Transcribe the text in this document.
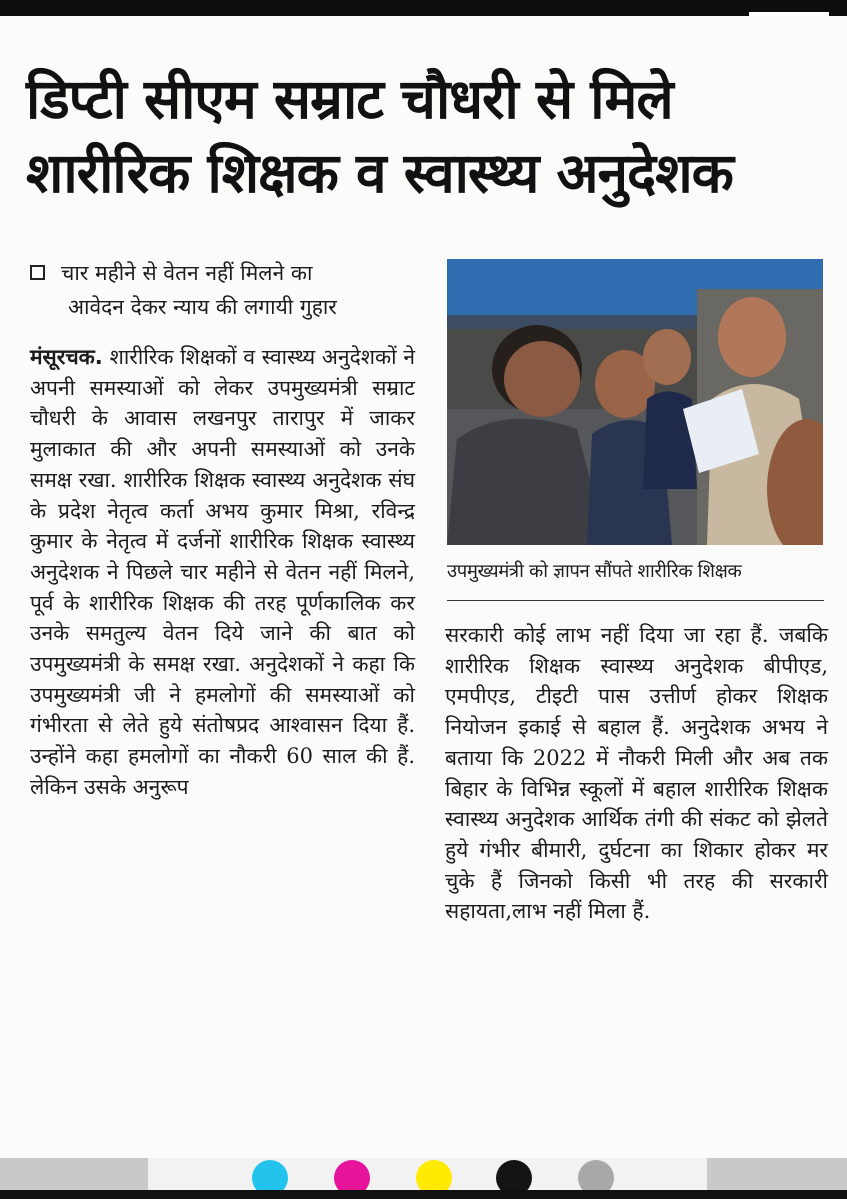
डिप्टी सीएम सम्राट चौधरी से मिले
शारीरिक शिक्षक व स्वास्थ्य अनुदेशक
चार महीने से वेतन नहीं मिलने का
आवेदन देकर न्याय की लगायी गुहार

मंसूरचक. शारीरिक शिक्षकों व स्वास्थ्य अनुदेशकों ने अपनी समस्याओं को लेकर उपमुख्यमंत्री सम्राट चौधरी के आवास लखनपुर तारापुर में जाकर मुलाकात की और अपनी समस्याओं को उनके समक्ष रखा. शारीरिक शिक्षक स्वास्थ्य अनुदेशक संघ के प्रदेश नेतृत्व कर्ता अभय कुमार मिश्रा, रविन्द्र कुमार के नेतृत्व में दर्जनों शारीरिक शिक्षक स्वास्थ्य अनुदेशक ने पिछले चार महीने से वेतन नहीं मिलने, पूर्व के शारीरिक शिक्षक की तरह पूर्णकालिक कर उनके समतुल्य वेतन दिये जाने की बात को उपमुख्यमंत्री के समक्ष रखा. अनुदेशकों ने कहा कि उपमुख्यमंत्री जी ने हमलोगों की समस्याओं को गंभीरता से लेते हुये संतोषप्रद आश्वासन दिया हैं. उन्होंने कहा हमलोगों का नौकरी 60 साल की हैं. लेकिन उसके अनुरूप

उपमुख्यमंत्री को ज्ञापन सौंपते शारीरिक शिक्षक

सरकारी कोई लाभ नहीं दिया जा रहा हैं. जबकि शारीरिक शिक्षक स्वास्थ्य अनुदेशक बीपीएड, एमपीएड, टीइटी पास उत्तीर्ण होकर शिक्षक नियोजन इकाई से बहाल हैं. अनुदेशक अभय ने बताया कि 2022 में नौकरी मिली और अब तक बिहार के विभिन्न स्कूलों में बहाल शारीरिक शिक्षक स्वास्थ्य अनुदेशक आर्थिक तंगी की संकट को झेलते हुये गंभीर बीमारी, दुर्घटना का शिकार होकर मर चुके हैं जिनको किसी भी तरह की सरकारी सहायता,लाभ नहीं मिला हैं.
